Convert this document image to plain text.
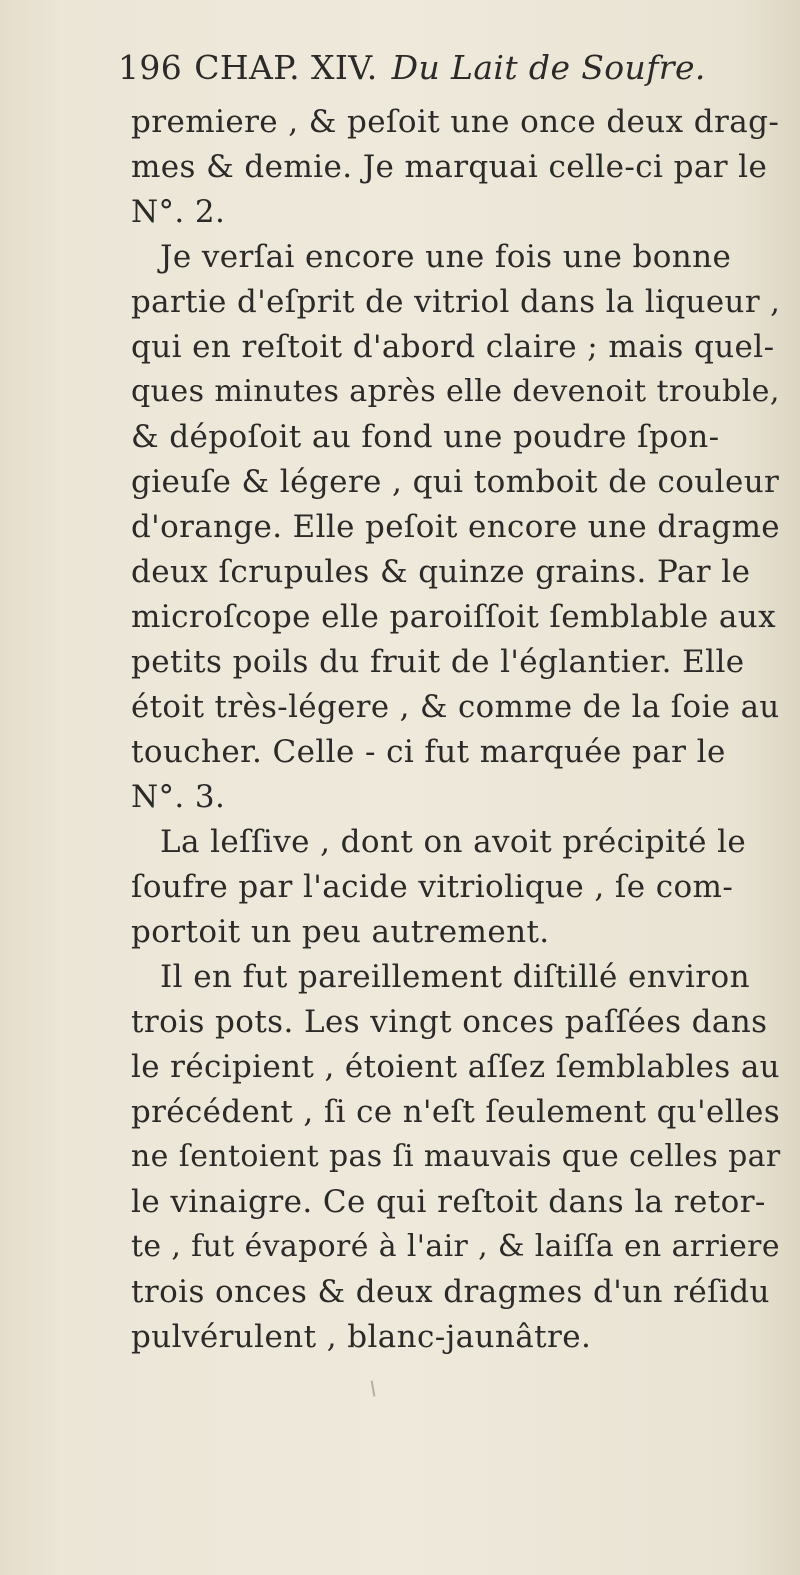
196 CHAP. XIV. Du Lait de Soufre.
premiere , & peſoit une once deux drag-
mes & demie. Je marquai celle-ci par le
N°. 2.
Je verſai encore une fois une bonne
partie d'eſprit de vitriol dans la liqueur ,
qui en reſtoit d'abord claire ; mais quel-
ques minutes après elle devenoit trouble,
& dépoſoit au fond une poudre ſpon-
gieuſe & légere , qui tomboit de couleur
d'orange. Elle peſoit encore une dragme
deux ſcrupules & quinze grains. Par le
microſcope elle paroiſſoit ſemblable aux
petits poils du fruit de l'églantier. Elle
étoit très-légere , & comme de la ſoie au
toucher. Celle - ci fut marquée par le
N°. 3.
La leſſive , dont on avoit précipité le
ſoufre par l'acide vitriolique , ſe com-
portoit un peu autrement.
Il en fut pareillement diſtillé environ
trois pots. Les vingt onces paſſées dans
le récipient , étoient aſſez ſemblables au
précédent , ſi ce n'eſt ſeulement qu'elles
ne ſentoient pas ſi mauvais que celles par
le vinaigre. Ce qui reſtoit dans la retor-
te , fut évaporé à l'air , & laiſſa en arriere
trois onces & deux dragmes d'un réſidu
pulvérulent , blanc-jaunâtre.
